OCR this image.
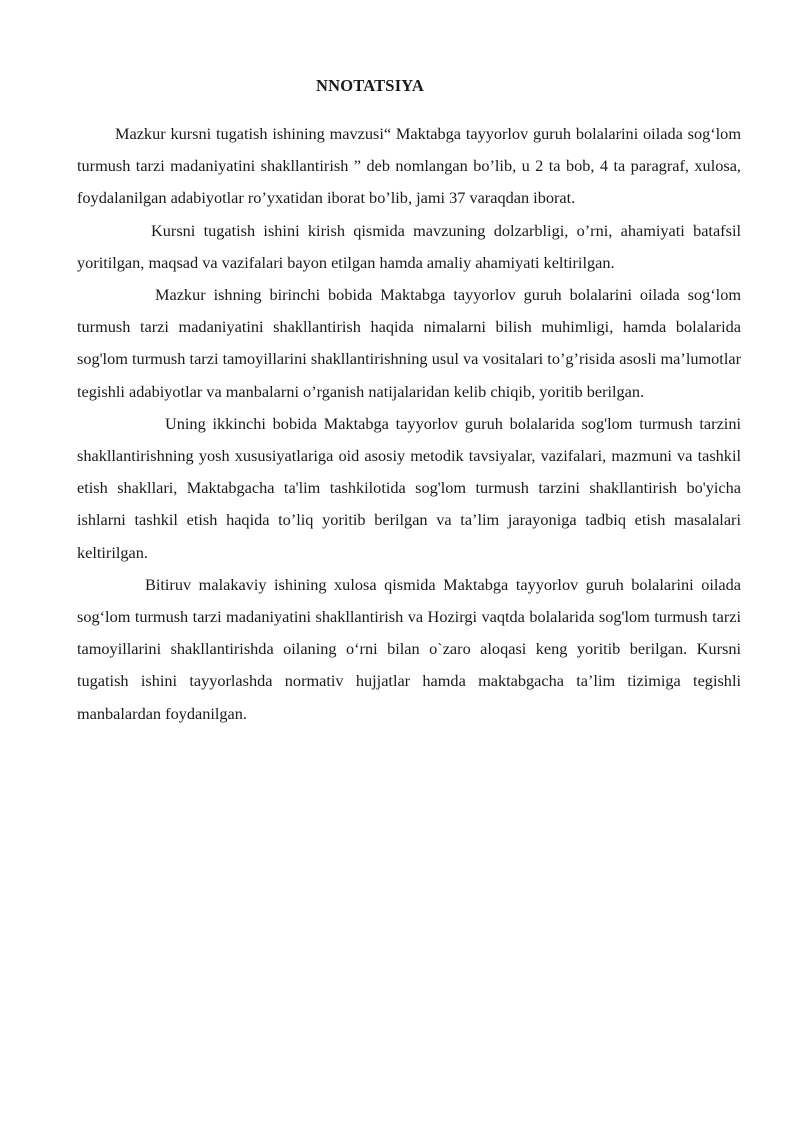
NNOTATSIYA

Mazkur kursni tugatish ishining mavzusi“ Maktabga tayyorlov guruh bolalarini oilada sog‘lom turmush tarzi madaniyatini shakllantirish ” deb nomlangan bo’lib, u 2 ta bob, 4 ta paragraf, xulosa, foydalanilgan adabiyotlar ro’yxatidan iborat bo’lib, jami 37 varaqdan iborat.

Kursni tugatish ishini kirish qismida mavzuning dolzarbligi, o’rni, ahamiyati batafsil yoritilgan, maqsad va vazifalari bayon etilgan hamda amaliy ahamiyati keltirilgan.

Mazkur ishning birinchi bobida Maktabga tayyorlov guruh bolalarini oilada sog‘lom turmush tarzi madaniyatini shakllantirish haqida nimalarni bilish muhimligi, hamda bolalarida sog'lom turmush tarzi tamoyillarini shakllantirishning usul va vositalari to’g’risida asosli ma’lumotlar tegishli adabiyotlar va manbalarni o’rganish natijalaridan kelib chiqib, yoritib berilgan.

Uning ikkinchi bobida Maktabga tayyorlov guruh bolalarida sog'lom turmush tarzini shakllantirishning yosh xususiyatlariga oid asosiy metodik tavsiyalar, vazifalari, mazmuni va tashkil etish shakllari, Maktabgacha ta'lim tashkilotida sog'lom turmush tarzini shakllantirish bo'yicha ishlarni tashkil etish haqida to’liq yoritib berilgan va ta’lim jarayoniga tadbiq etish masalalari keltirilgan.

Bitiruv malakaviy ishining xulosa qismida Maktabga tayyorlov guruh bolalarini oilada sog‘lom turmush tarzi madaniyatini shakllantirish va Hozirgi vaqtda bolalarida sog'lom turmush tarzi tamoyillarini shakllantirishda oilaning o‘rni bilan o`zaro aloqasi keng yoritib berilgan. Kursni tugatish ishini tayyorlashda normativ hujjatlar hamda maktabgacha ta’lim tizimiga tegishli manbalardan foydanilgan.
